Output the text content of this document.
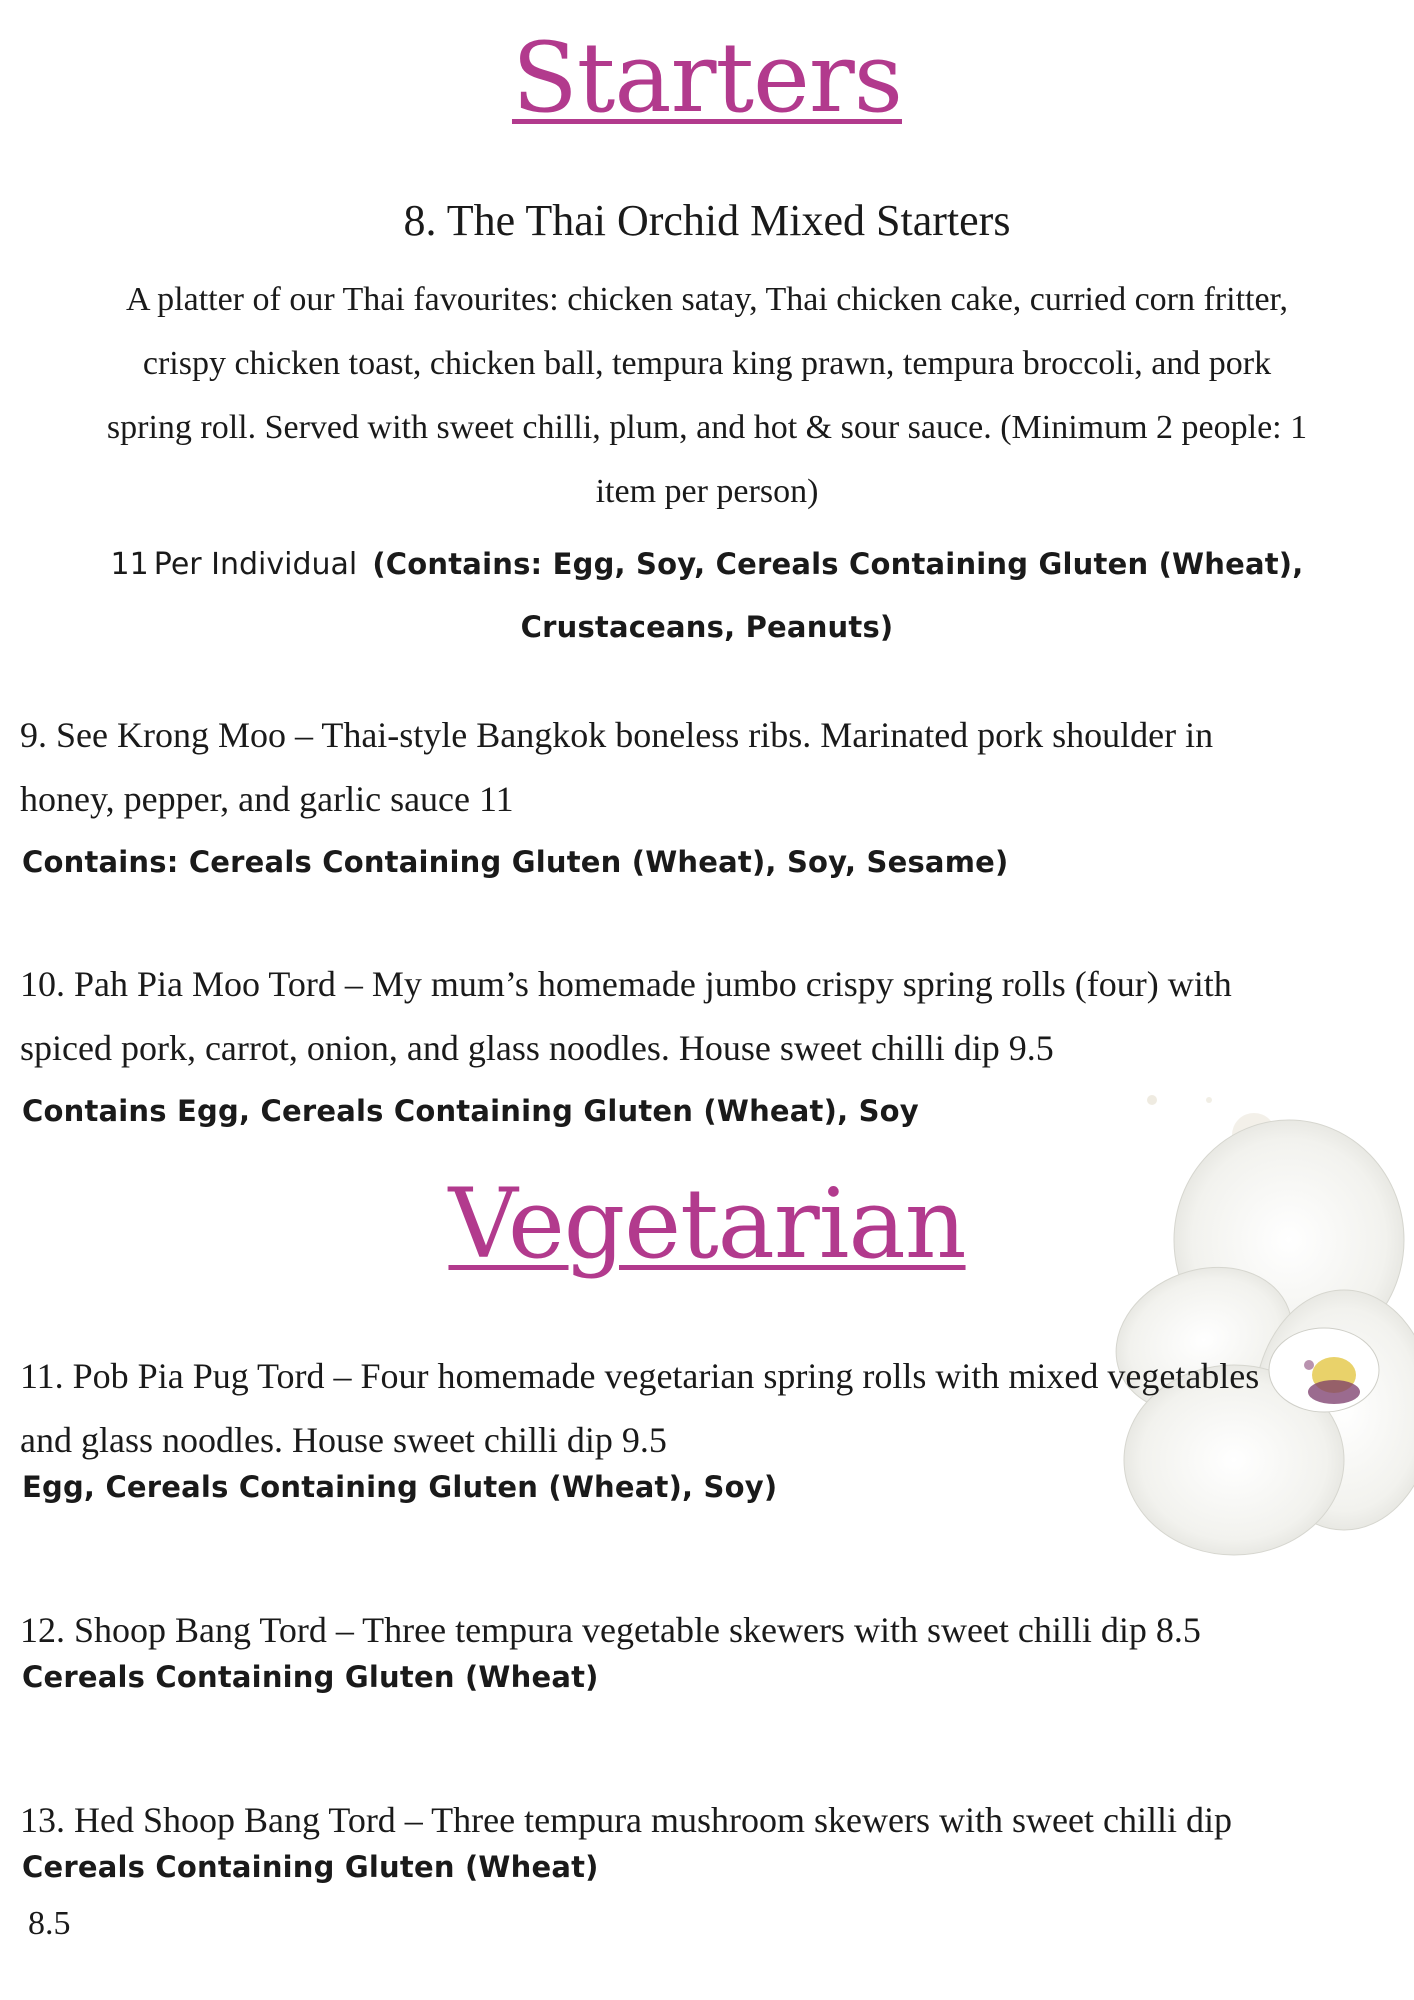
Starters
8. The Thai Orchid Mixed Starters
A platter of our Thai favourites: chicken satay, Thai chicken cake, curried corn fritter,
crispy chicken toast, chicken ball, tempura king prawn, tempura broccoli, and pork
spring roll. Served with sweet chilli, plum, and hot & sour sauce. (Minimum 2 people: 1
item per person)
11 Per Individual (Contains: Egg, Soy, Cereals Containing Gluten (Wheat),
Crustaceans, Peanuts)
9. See Krong Moo – Thai-style Bangkok boneless ribs. Marinated pork shoulder in
honey, pepper, and garlic sauce 11
Contains: Cereals Containing Gluten (Wheat), Soy, Sesame)
10. Pah Pia Moo Tord – My mum’s homemade jumbo crispy spring rolls (four) with
spiced pork, carrot, onion, and glass noodles. House sweet chilli dip 9.5
Contains Egg, Cereals Containing Gluten (Wheat), Soy
Vegetarian
11. Pob Pia Pug Tord – Four homemade vegetarian spring rolls with mixed vegetables
and glass noodles. House sweet chilli dip 9.5
Egg, Cereals Containing Gluten (Wheat), Soy)
12. Shoop Bang Tord – Three tempura vegetable skewers with sweet chilli dip 8.5
Cereals Containing Gluten (Wheat)
13. Hed Shoop Bang Tord – Three tempura mushroom skewers with sweet chilli dip
Cereals Containing Gluten (Wheat)
8.5
